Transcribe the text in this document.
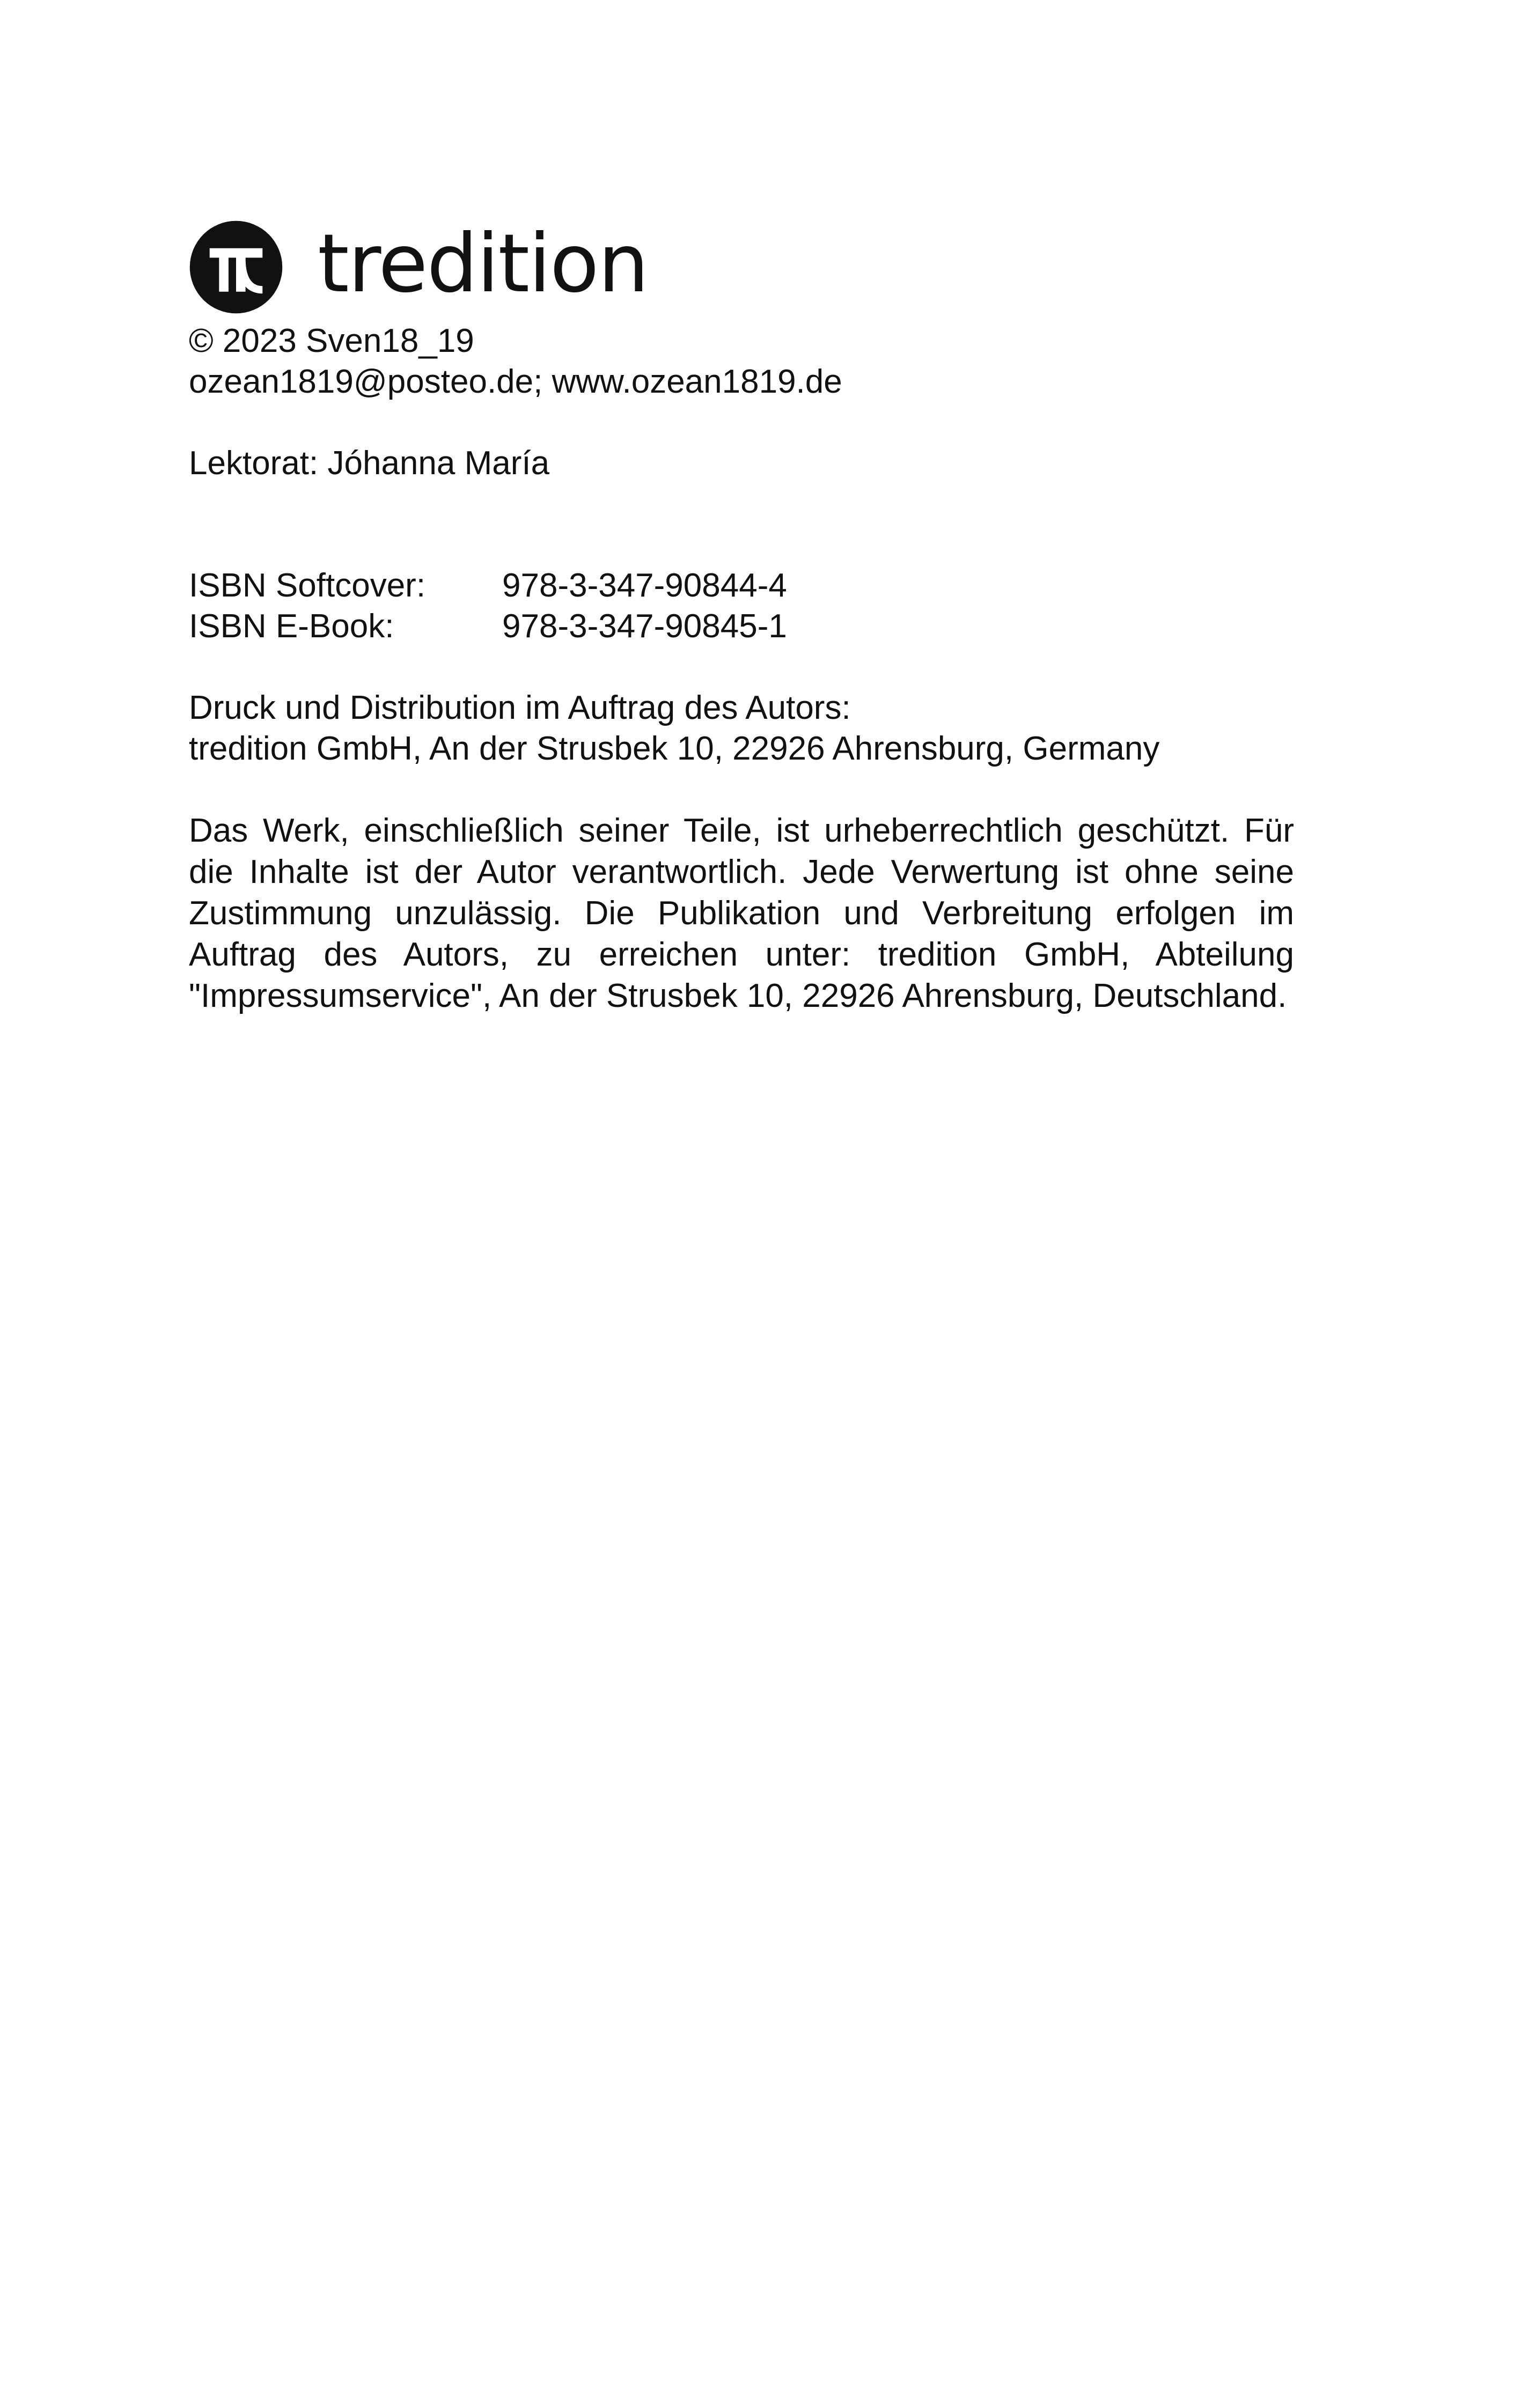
tredition
© 2023 Sven18_19
ozean1819@posteo.de; www.ozean1819.de
Lektorat: Jóhanna María
ISBN Softcover:	978-3-347-90844-4
ISBN E-Book:	978-3-347-90845-1
Druck und Distribution im Auftrag des Autors:
tredition GmbH, An der Strusbek 10, 22926 Ahrensburg, Germany
Das Werk, einschließlich seiner Teile, ist urheberrechtlich geschützt. Für die Inhalte ist der Autor verantwortlich. Jede Verwertung ist ohne seine Zustimmung unzulässig. Die Publikation und Verbreitung erfolgen im Auftrag des Autors, zu erreichen unter: tredition GmbH, Abteilung "Impressumservice", An der Strusbek 10, 22926 Ahrensburg, Deutschland.
